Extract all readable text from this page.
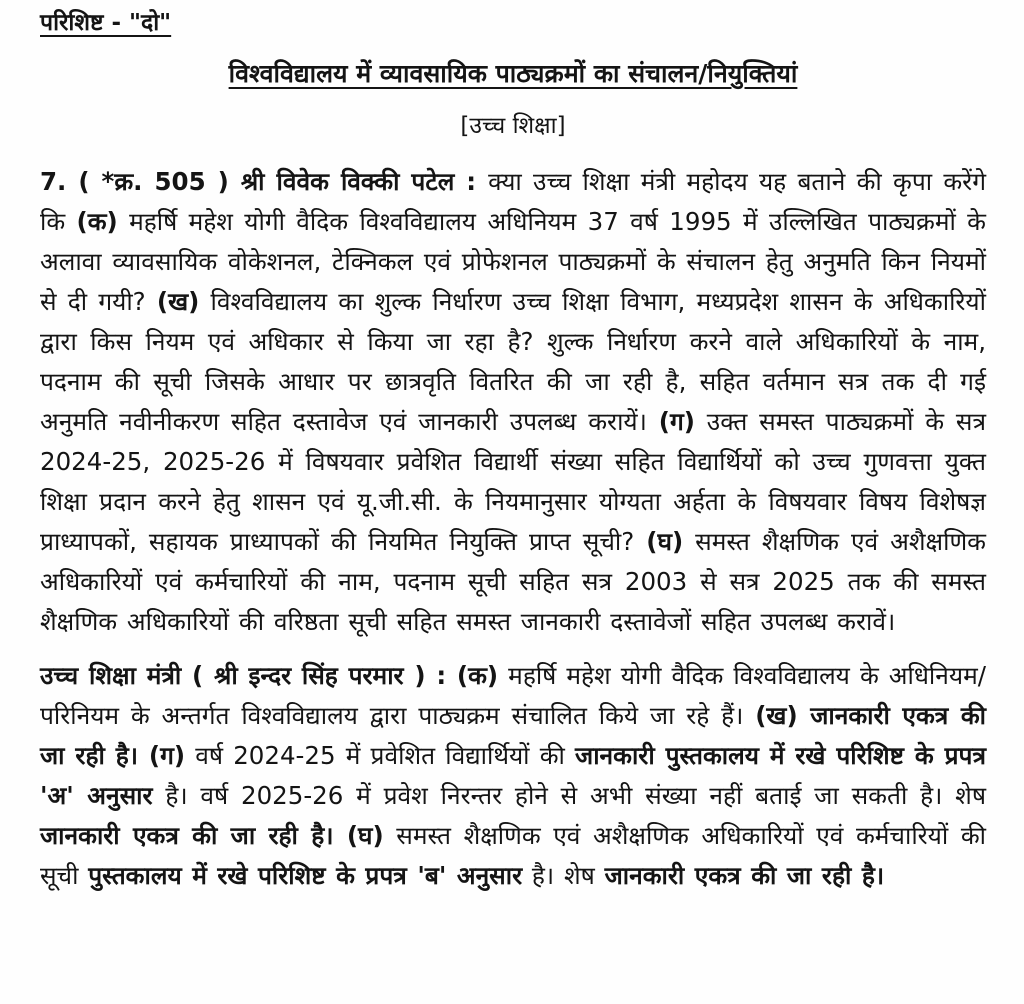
परिशिष्ट - "दो"
विश्वविद्यालय में व्यावसायिक पाठ्यक्रमों का संचालन/नियुक्तियां
[उच्च शिक्षा]

7. ( *क्र. 505 ) श्री विवेक विक्की पटेल : क्या उच्च शिक्षा मंत्री महोदय यह बताने की कृपा करेंगे कि (क) महर्षि महेश योगी वैदिक विश्वविद्यालय अधिनियम 37 वर्ष 1995 में उल्लिखित पाठ्यक्रमों के अलावा व्यावसायिक वोकेशनल, टेक्निकल एवं प्रोफेशनल पाठ्यक्रमों के संचालन हेतु अनुमति किन नियमों से दी गयी? (ख) विश्वविद्यालय का शुल्क निर्धारण उच्च शिक्षा विभाग, मध्यप्रदेश शासन के अधिकारियों द्वारा किस नियम एवं अधिकार से किया जा रहा है? शुल्क निर्धारण करने वाले अधिकारियों के नाम, पदनाम की सूची जिसके आधार पर छात्रवृति वितरित की जा रही है, सहित वर्तमान सत्र तक दी गई अनुमति नवीनीकरण सहित दस्तावेज एवं जानकारी उपलब्ध करायें। (ग) उक्त समस्त पाठ्यक्रमों के सत्र 2024-25, 2025-26 में विषयवार प्रवेशित विद्यार्थी संख्या सहित विद्यार्थियों को उच्च गुणवत्ता युक्त शिक्षा प्रदान करने हेतु शासन एवं यू.जी.सी. के नियमानुसार योग्यता अर्हता के विषयवार विषय विशेषज्ञ प्राध्यापकों, सहायक प्राध्यापकों की नियमित नियुक्ति प्राप्त सूची? (घ) समस्त शैक्षणिक एवं अशैक्षणिक अधिकारियों एवं कर्मचारियों की नाम, पदनाम सूची सहित सत्र 2003 से सत्र 2025 तक की समस्त शैक्षणिक अधिकारियों की वरिष्ठता सूची सहित समस्त जानकारी दस्तावेजों सहित उपलब्ध करावें।

उच्च शिक्षा मंत्री ( श्री इन्दर सिंह परमार ) : (क) महर्षि महेश योगी वैदिक विश्वविद्यालय के अधिनियम/परिनियम के अन्तर्गत विश्वविद्यालय द्वारा पाठ्यक्रम संचालित किये जा रहे हैं। (ख) जानकारी एकत्र की जा रही है। (ग) वर्ष 2024-25 में प्रवेशित विद्यार्थियों की जानकारी पुस्तकालय में रखे परिशिष्ट के प्रपत्र 'अ' अनुसार है। वर्ष 2025-26 में प्रवेश निरन्तर होने से अभी संख्या नहीं बताई जा सकती है। शेष जानकारी एकत्र की जा रही है। (घ) समस्त शैक्षणिक एवं अशैक्षणिक अधिकारियों एवं कर्मचारियों की सूची पुस्तकालय में रखे परिशिष्ट के प्रपत्र 'ब' अनुसार है। शेष जानकारी एकत्र की जा रही है।
